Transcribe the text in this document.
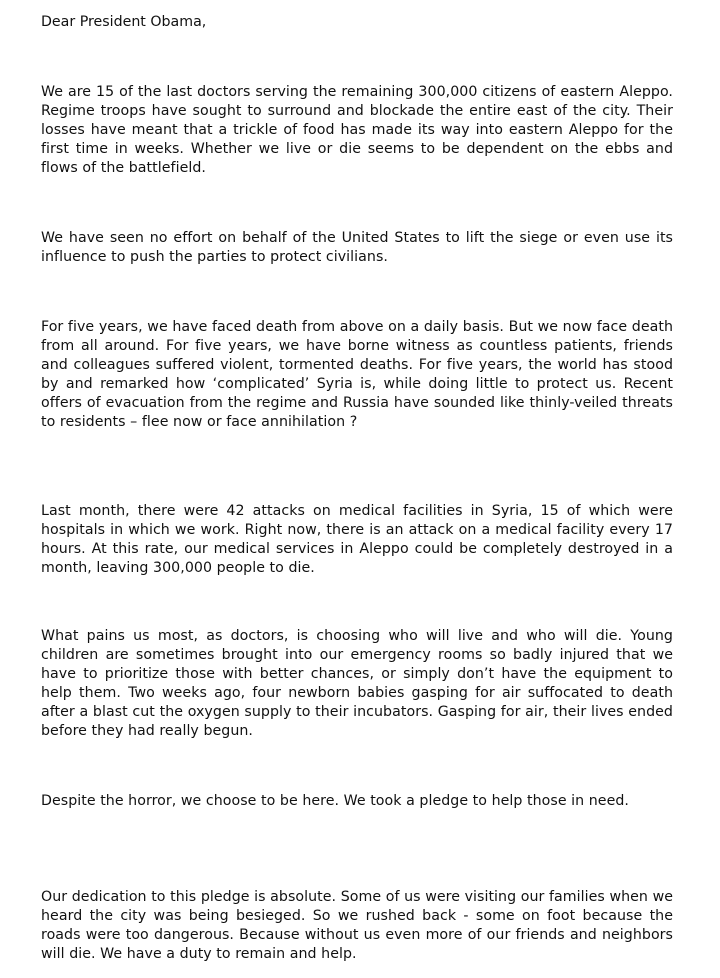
Dear President Obama,

We are 15 of the last doctors serving the remaining 300,000 citizens of eastern Aleppo. Regime troops have sought to surround and blockade the entire east of the city. Their losses have meant that a trickle of food has made its way into eastern Aleppo for the first time in weeks. Whether we live or die seems to be dependent on the ebbs and flows of the battlefield.

We have seen no effort on behalf of the United States to lift the siege or even use its influence to push the parties to protect civilians.

For five years, we have faced death from above on a daily basis. But we now face death from all around. For five years, we have borne witness as countless patients, friends and colleagues suffered violent, tormented deaths. For five years, the world has stood by and remarked how ‘complicated’ Syria is, while doing little to protect us. Recent offers of evacuation from the regime and Russia have sounded like thinly-veiled threats to residents – flee now or face annihilation ?

Last month, there were 42 attacks on medical facilities in Syria, 15 of which were hospitals in which we work. Right now, there is an attack on a medical facility every 17 hours. At this rate, our medical services in Aleppo could be completely destroyed in a month, leaving 300,000 people to die.

What pains us most, as doctors, is choosing who will live and who will die. Young children are sometimes brought into our emergency rooms so badly injured that we have to prioritize those with better chances, or simply don’t have the equipment to help them. Two weeks ago, four newborn babies gasping for air suffocated to death after a blast cut the oxygen supply to their incubators. Gasping for air, their lives ended before they had really begun.

Despite the horror, we choose to be here. We took a pledge to help those in need.

Our dedication to this pledge is absolute. Some of us were visiting our families when we heard the city was being besieged. So we rushed back - some on foot because the roads were too dangerous. Because without us even more of our friends and neighbors will die. We have a duty to remain and help.
